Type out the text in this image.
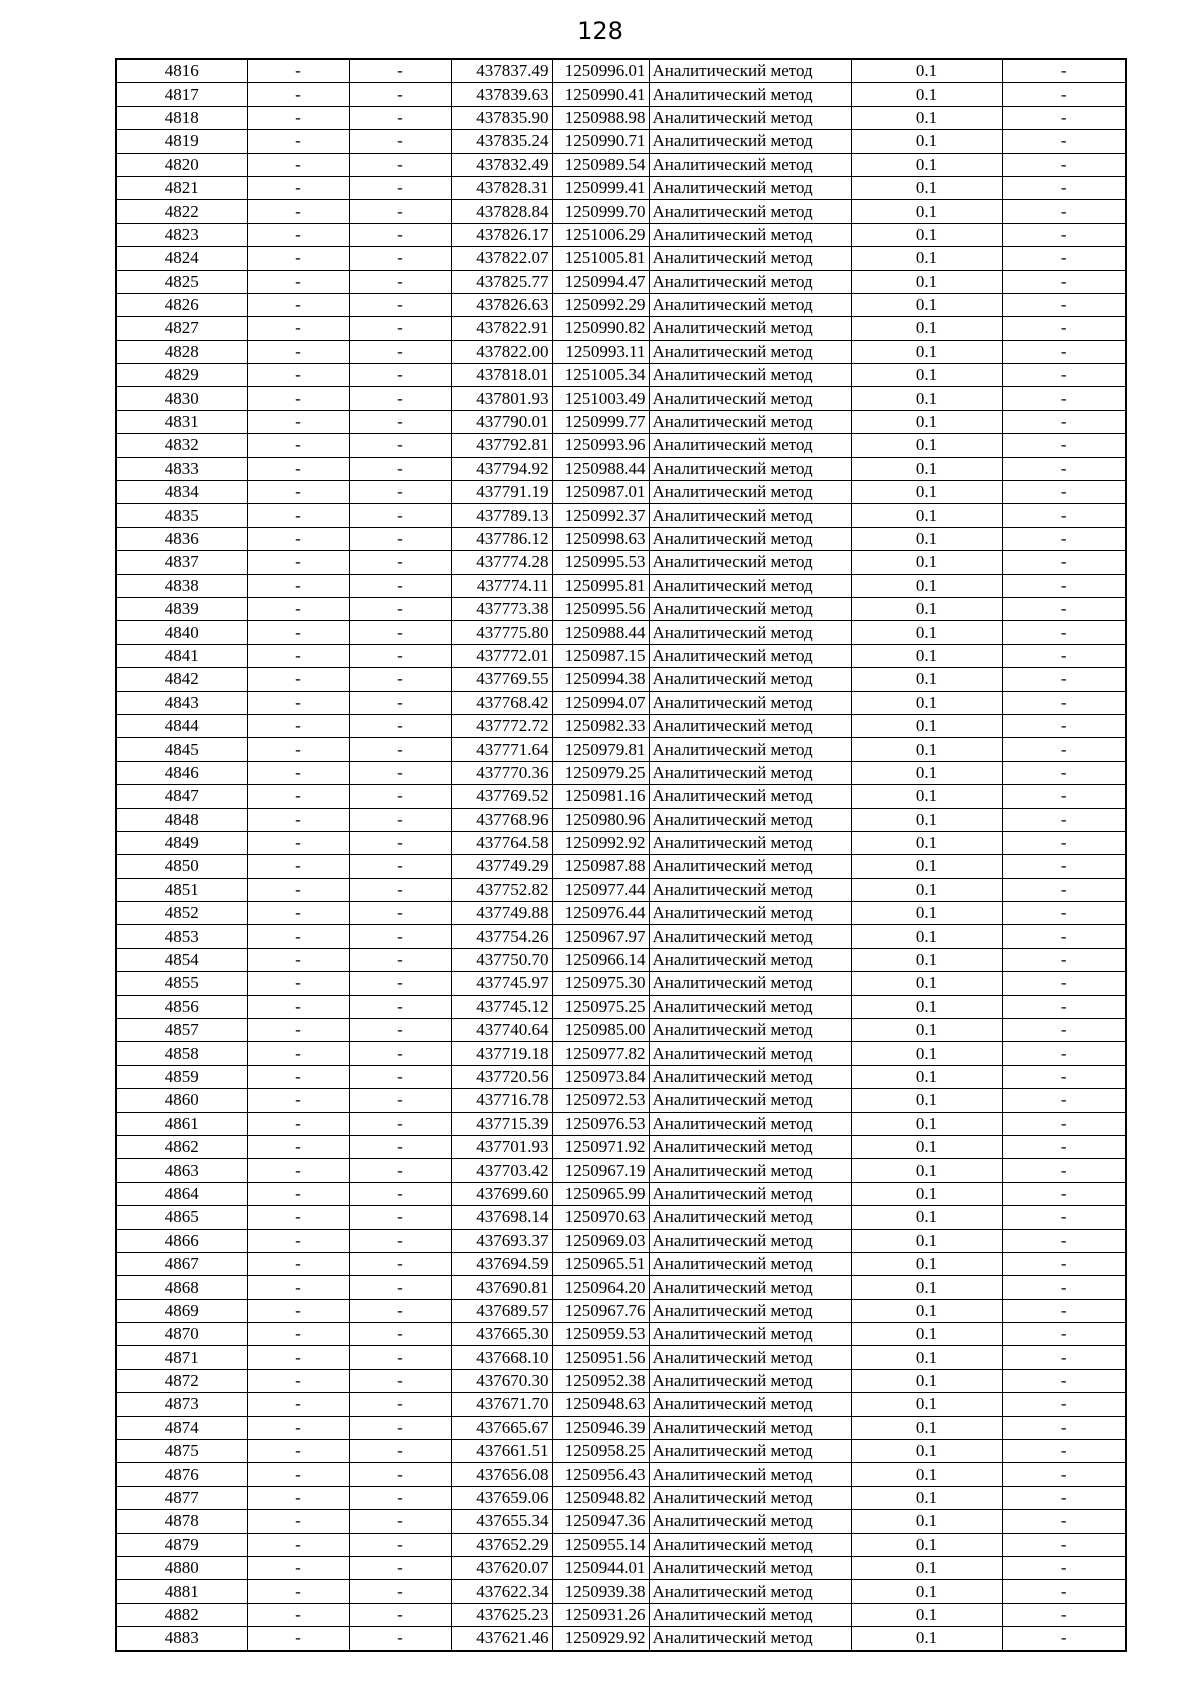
128
4816	-	-	437837.49	1250996.01	Аналитический метод	0.1	-
4817	-	-	437839.63	1250990.41	Аналитический метод	0.1	-
4818	-	-	437835.90	1250988.98	Аналитический метод	0.1	-
4819	-	-	437835.24	1250990.71	Аналитический метод	0.1	-
4820	-	-	437832.49	1250989.54	Аналитический метод	0.1	-
4821	-	-	437828.31	1250999.41	Аналитический метод	0.1	-
4822	-	-	437828.84	1250999.70	Аналитический метод	0.1	-
4823	-	-	437826.17	1251006.29	Аналитический метод	0.1	-
4824	-	-	437822.07	1251005.81	Аналитический метод	0.1	-
4825	-	-	437825.77	1250994.47	Аналитический метод	0.1	-
4826	-	-	437826.63	1250992.29	Аналитический метод	0.1	-
4827	-	-	437822.91	1250990.82	Аналитический метод	0.1	-
4828	-	-	437822.00	1250993.11	Аналитический метод	0.1	-
4829	-	-	437818.01	1251005.34	Аналитический метод	0.1	-
4830	-	-	437801.93	1251003.49	Аналитический метод	0.1	-
4831	-	-	437790.01	1250999.77	Аналитический метод	0.1	-
4832	-	-	437792.81	1250993.96	Аналитический метод	0.1	-
4833	-	-	437794.92	1250988.44	Аналитический метод	0.1	-
4834	-	-	437791.19	1250987.01	Аналитический метод	0.1	-
4835	-	-	437789.13	1250992.37	Аналитический метод	0.1	-
4836	-	-	437786.12	1250998.63	Аналитический метод	0.1	-
4837	-	-	437774.28	1250995.53	Аналитический метод	0.1	-
4838	-	-	437774.11	1250995.81	Аналитический метод	0.1	-
4839	-	-	437773.38	1250995.56	Аналитический метод	0.1	-
4840	-	-	437775.80	1250988.44	Аналитический метод	0.1	-
4841	-	-	437772.01	1250987.15	Аналитический метод	0.1	-
4842	-	-	437769.55	1250994.38	Аналитический метод	0.1	-
4843	-	-	437768.42	1250994.07	Аналитический метод	0.1	-
4844	-	-	437772.72	1250982.33	Аналитический метод	0.1	-
4845	-	-	437771.64	1250979.81	Аналитический метод	0.1	-
4846	-	-	437770.36	1250979.25	Аналитический метод	0.1	-
4847	-	-	437769.52	1250981.16	Аналитический метод	0.1	-
4848	-	-	437768.96	1250980.96	Аналитический метод	0.1	-
4849	-	-	437764.58	1250992.92	Аналитический метод	0.1	-
4850	-	-	437749.29	1250987.88	Аналитический метод	0.1	-
4851	-	-	437752.82	1250977.44	Аналитический метод	0.1	-
4852	-	-	437749.88	1250976.44	Аналитический метод	0.1	-
4853	-	-	437754.26	1250967.97	Аналитический метод	0.1	-
4854	-	-	437750.70	1250966.14	Аналитический метод	0.1	-
4855	-	-	437745.97	1250975.30	Аналитический метод	0.1	-
4856	-	-	437745.12	1250975.25	Аналитический метод	0.1	-
4857	-	-	437740.64	1250985.00	Аналитический метод	0.1	-
4858	-	-	437719.18	1250977.82	Аналитический метод	0.1	-
4859	-	-	437720.56	1250973.84	Аналитический метод	0.1	-
4860	-	-	437716.78	1250972.53	Аналитический метод	0.1	-
4861	-	-	437715.39	1250976.53	Аналитический метод	0.1	-
4862	-	-	437701.93	1250971.92	Аналитический метод	0.1	-
4863	-	-	437703.42	1250967.19	Аналитический метод	0.1	-
4864	-	-	437699.60	1250965.99	Аналитический метод	0.1	-
4865	-	-	437698.14	1250970.63	Аналитический метод	0.1	-
4866	-	-	437693.37	1250969.03	Аналитический метод	0.1	-
4867	-	-	437694.59	1250965.51	Аналитический метод	0.1	-
4868	-	-	437690.81	1250964.20	Аналитический метод	0.1	-
4869	-	-	437689.57	1250967.76	Аналитический метод	0.1	-
4870	-	-	437665.30	1250959.53	Аналитический метод	0.1	-
4871	-	-	437668.10	1250951.56	Аналитический метод	0.1	-
4872	-	-	437670.30	1250952.38	Аналитический метод	0.1	-
4873	-	-	437671.70	1250948.63	Аналитический метод	0.1	-
4874	-	-	437665.67	1250946.39	Аналитический метод	0.1	-
4875	-	-	437661.51	1250958.25	Аналитический метод	0.1	-
4876	-	-	437656.08	1250956.43	Аналитический метод	0.1	-
4877	-	-	437659.06	1250948.82	Аналитический метод	0.1	-
4878	-	-	437655.34	1250947.36	Аналитический метод	0.1	-
4879	-	-	437652.29	1250955.14	Аналитический метод	0.1	-
4880	-	-	437620.07	1250944.01	Аналитический метод	0.1	-
4881	-	-	437622.34	1250939.38	Аналитический метод	0.1	-
4882	-	-	437625.23	1250931.26	Аналитический метод	0.1	-
4883	-	-	437621.46	1250929.92	Аналитический метод	0.1	-
